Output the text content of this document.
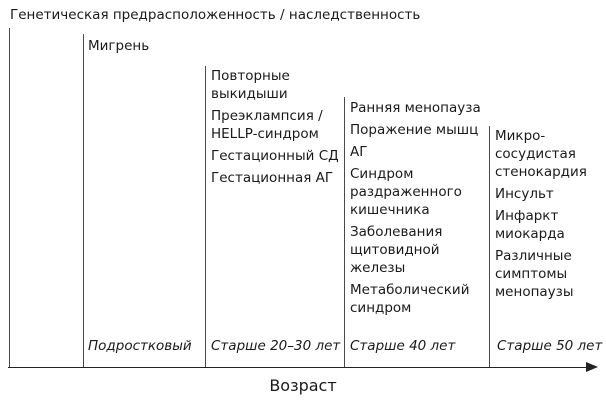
Генетическая предрасположенность / наследственность

Мигрень

Повторные
выкидыши

Преэклампсия /
HELLP-синдром

Гестационный СД

Гестационная АГ

Ранняя менопауза

Поражение мышц

АГ

Синдром
раздраженного
кишечника

Заболевания
щитовидной
железы

Метаболический
синдром

Микро-
сосудистая
стенокардия

Инсульт

Инфаркт
миокарда

Различные
симптомы
менопаузы

Подростковый Старше 20–30 лет Старше 40 лет	Старше 50 лет
Возраст
